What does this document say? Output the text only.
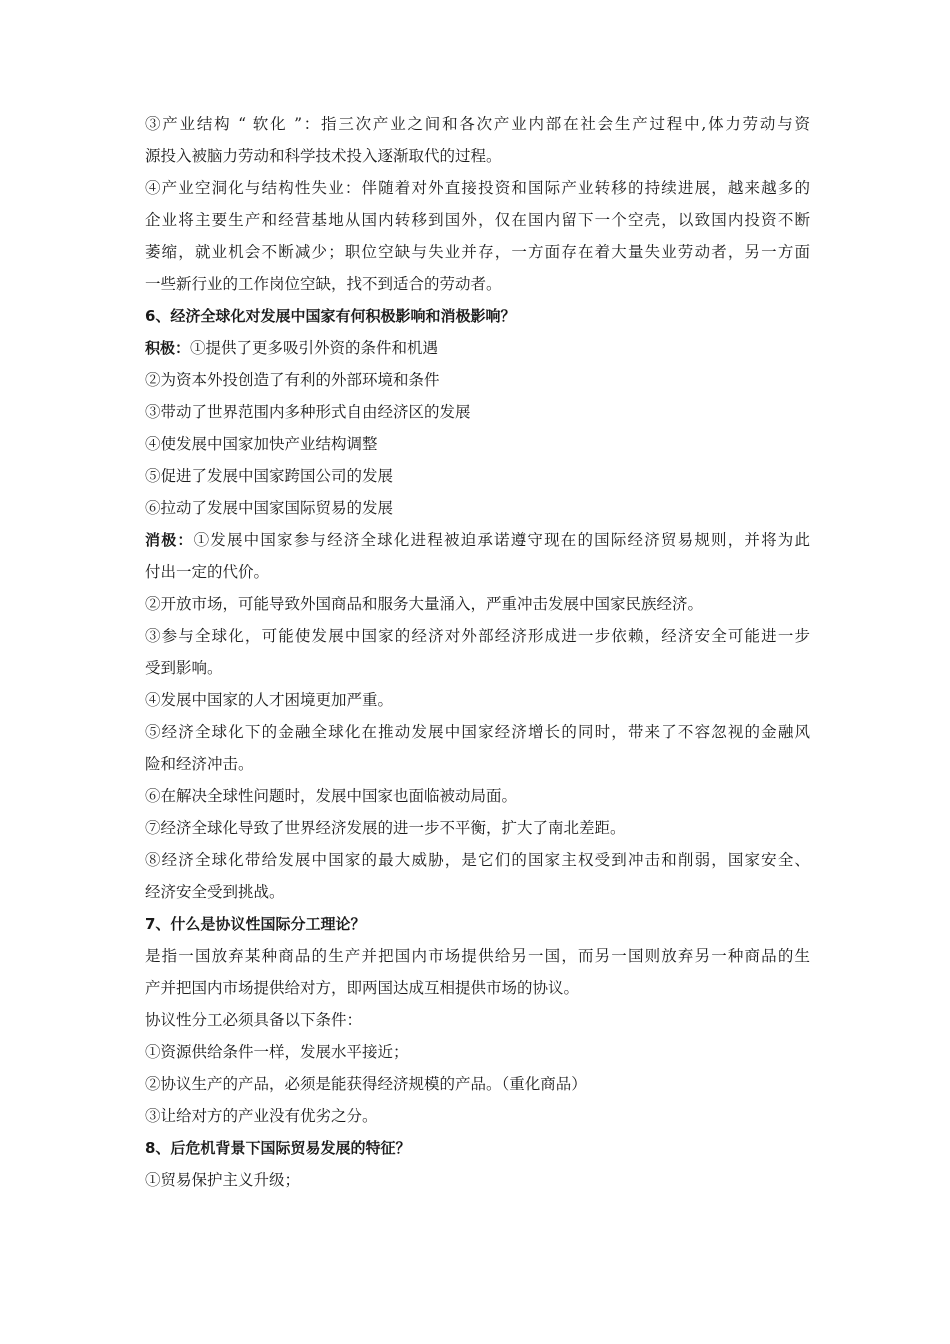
③产业结构 “ 软化 ”：指三次产业之间和各次产业内部在社会生产过程中,体力劳动与资
源投入被脑力劳动和科学技术投入逐渐取代的过程。
④产业空洞化与结构性失业：伴随着对外直接投资和国际产业转移的持续进展，越来越多的
企业将主要生产和经营基地从国内转移到国外，仅在国内留下一个空壳，以致国内投资不断
萎缩，就业机会不断减少；职位空缺与失业并存，一方面存在着大量失业劳动者，另一方面
一些新行业的工作岗位空缺，找不到适合的劳动者。
6、经济全球化对发展中国家有何积极影响和消极影响？
积极：①提供了更多吸引外资的条件和机遇
②为资本外投创造了有利的外部环境和条件
③带动了世界范围内多种形式自由经济区的发展
④使发展中国家加快产业结构调整
⑤促进了发展中国家跨国公司的发展
⑥拉动了发展中国家国际贸易的发展
消极：①发展中国家参与经济全球化进程被迫承诺遵守现在的国际经济贸易规则，并将为此
付出一定的代价。
②开放市场，可能导致外国商品和服务大量涌入，严重冲击发展中国家民族经济。
③参与全球化，可能使发展中国家的经济对外部经济形成进一步依赖，经济安全可能进一步
受到影响。
④发展中国家的人才困境更加严重。
⑤经济全球化下的金融全球化在推动发展中国家经济增长的同时，带来了不容忽视的金融风
险和经济冲击。
⑥在解决全球性问题时，发展中国家也面临被动局面。
⑦经济全球化导致了世界经济发展的进一步不平衡，扩大了南北差距。
⑧经济全球化带给发展中国家的最大威胁，是它们的国家主权受到冲击和削弱，国家安全、
经济安全受到挑战。
7、什么是协议性国际分工理论？
是指一国放弃某种商品的生产并把国内市场提供给另一国，而另一国则放弃另一种商品的生
产并把国内市场提供给对方，即两国达成互相提供市场的协议。
协议性分工必须具备以下条件：
①资源供给条件一样，发展水平接近；
②协议生产的产品，必须是能获得经济规模的产品。（重化商品）
③让给对方的产业没有优劣之分。
8、后危机背景下国际贸易发展的特征？
①贸易保护主义升级；
